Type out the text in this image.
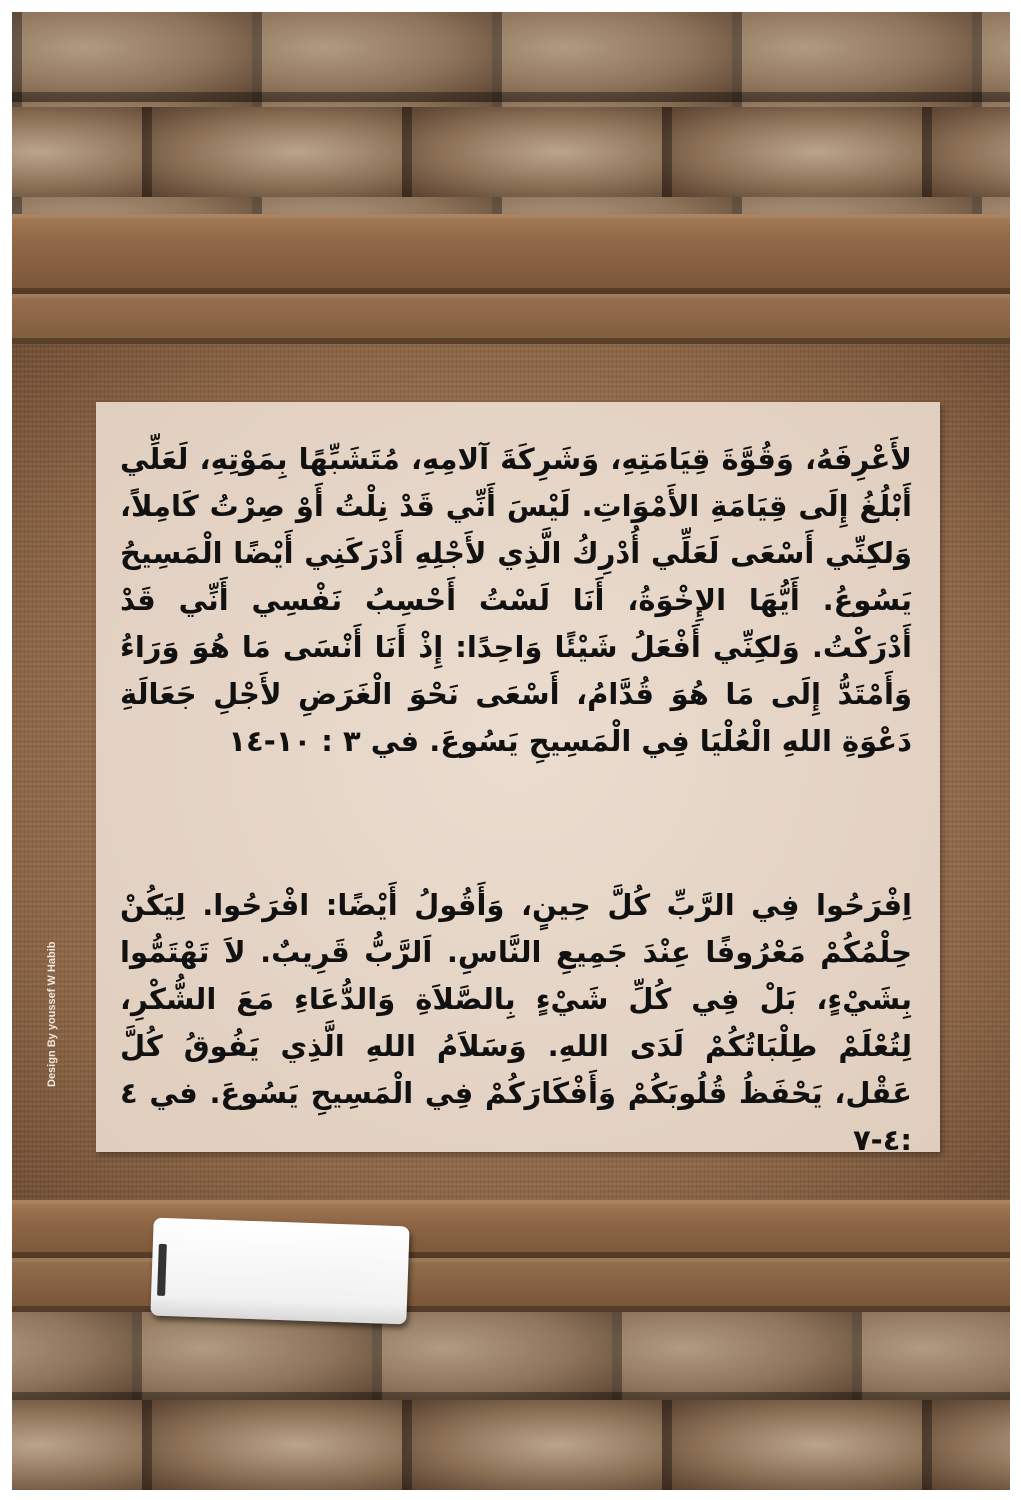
لأَعْرِفَهُ، وَقُوَّةَ قِيَامَتِهِ، وَشَرِكَةَ آلامِهِ، مُتَشَبِّهًا بِمَوْتِهِ، لَعَلِّي أَبْلُغُ إِلَى قِيَامَةِ الأَمْوَاتِ. لَيْسَ أَنِّي قَدْ نِلْتُ أَوْ صِرْتُ كَامِلاً، وَلكِنِّي أَسْعَى لَعَلِّي أُدْرِكُ الَّذِي لأَجْلِهِ أَدْرَكَنِي أَيْضًا الْمَسِيحُ يَسُوعُ. أَيُّهَا الإِخْوَةُ، أَنَا لَسْتُ أَحْسِبُ نَفْسِي أَنِّي قَدْ أَدْرَكْتُ. وَلكِنِّي أَفْعَلُ شَيْئًا وَاحِدًا: إِذْ أَنَا أَنْسَى مَا هُوَ وَرَاءُ وَأَمْتَدُّ إِلَى مَا هُوَ قُدَّامُ، أَسْعَى نَحْوَ الْغَرَضِ لأَجْلِ جَعَالَةِ دَعْوَةِ اللهِ الْعُلْيَا فِي الْمَسِيحِ يَسُوعَ. في ٣ : ١٠-١٤
اِفْرَحُوا فِي الرَّبِّ كُلَّ حِينٍ، وَأَقُولُ أَيْضًا: افْرَحُوا. لِيَكُنْ حِلْمُكُمْ مَعْرُوفًا عِنْدَ جَمِيعِ النَّاسِ. اَلرَّبُّ قَرِيبٌ. لاَ تَهْتَمُّوا بِشَيْءٍ، بَلْ فِي كُلِّ شَيْءٍ بِالصَّلاَةِ وَالدُّعَاءِ مَعَ الشُّكْرِ، لِتُعْلَمْ طِلْبَاتُكُمْ لَدَى اللهِ. وَسَلاَمُ اللهِ الَّذِي يَفُوقُ كُلَّ عَقْل، يَحْفَظُ قُلُوبَكُمْ وَأَفْكَارَكُمْ فِي الْمَسِيحِ يَسُوعَ. في ٤ :٤-٧
Design By youssef W Habib
